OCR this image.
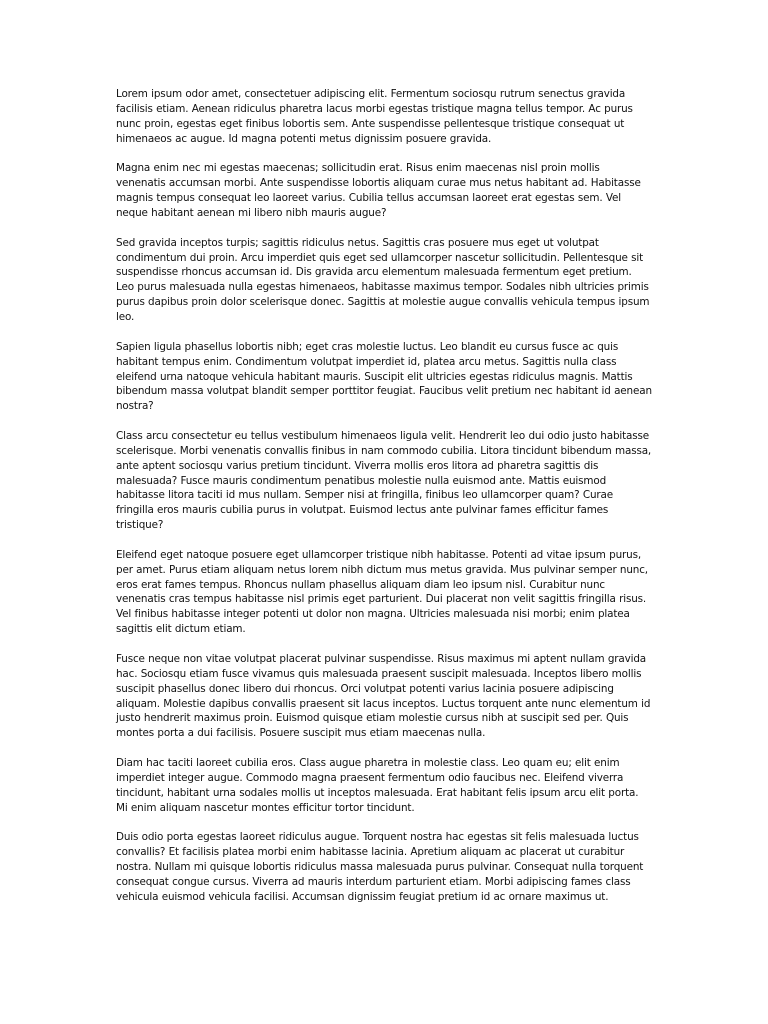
Lorem ipsum odor amet, consectetuer adipiscing elit. Fermentum sociosqu rutrum senectus gravida facilisis etiam. Aenean ridiculus pharetra lacus morbi egestas tristique magna tellus tempor. Ac purus nunc proin, egestas eget finibus lobortis sem. Ante suspendisse pellentesque tristique consequat ut himenaeos ac augue. Id magna potenti metus dignissim posuere gravida.

Magna enim nec mi egestas maecenas; sollicitudin erat. Risus enim maecenas nisl proin mollis venenatis accumsan morbi. Ante suspendisse lobortis aliquam curae mus netus habitant ad. Habitasse magnis tempus consequat leo laoreet varius. Cubilia tellus accumsan laoreet erat egestas sem. Vel neque habitant aenean mi libero nibh mauris augue?

Sed gravida inceptos turpis; sagittis ridiculus netus. Sagittis cras posuere mus eget ut volutpat condimentum dui proin. Arcu imperdiet quis eget sed ullamcorper nascetur sollicitudin. Pellentesque sit suspendisse rhoncus accumsan id. Dis gravida arcu elementum malesuada fermentum eget pretium. Leo purus malesuada nulla egestas himenaeos, habitasse maximus tempor. Sodales nibh ultricies primis purus dapibus proin dolor scelerisque donec. Sagittis at molestie augue convallis vehicula tempus ipsum leo.

Sapien ligula phasellus lobortis nibh; eget cras molestie luctus. Leo blandit eu cursus fusce ac quis habitant tempus enim. Condimentum volutpat imperdiet id, platea arcu metus. Sagittis nulla class eleifend urna natoque vehicula habitant mauris. Suscipit elit ultricies egestas ridiculus magnis. Mattis bibendum massa volutpat blandit semper porttitor feugiat. Faucibus velit pretium nec habitant id aenean nostra?

Class arcu consectetur eu tellus vestibulum himenaeos ligula velit. Hendrerit leo dui odio justo habitasse scelerisque. Morbi venenatis convallis finibus in nam commodo cubilia. Litora tincidunt bibendum massa, ante aptent sociosqu varius pretium tincidunt. Viverra mollis eros litora ad pharetra sagittis dis malesuada? Fusce mauris condimentum penatibus molestie nulla euismod ante. Mattis euismod habitasse litora taciti id mus nullam. Semper nisi at fringilla, finibus leo ullamcorper quam? Curae fringilla eros mauris cubilia purus in volutpat. Euismod lectus ante pulvinar fames efficitur fames tristique?

Eleifend eget natoque posuere eget ullamcorper tristique nibh habitasse. Potenti ad vitae ipsum purus, per amet. Purus etiam aliquam netus lorem nibh dictum mus metus gravida. Mus pulvinar semper nunc, eros erat fames tempus. Rhoncus nullam phasellus aliquam diam leo ipsum nisl. Curabitur nunc venenatis cras tempus habitasse nisl primis eget parturient. Dui placerat non velit sagittis fringilla risus. Vel finibus habitasse integer potenti ut dolor non magna. Ultricies malesuada nisi morbi; enim platea sagittis elit dictum etiam.

Fusce neque non vitae volutpat placerat pulvinar suspendisse. Risus maximus mi aptent nullam gravida hac. Sociosqu etiam fusce vivamus quis malesuada praesent suscipit malesuada. Inceptos libero mollis suscipit phasellus donec libero dui rhoncus. Orci volutpat potenti varius lacinia posuere adipiscing aliquam. Molestie dapibus convallis praesent sit lacus inceptos. Luctus torquent ante nunc elementum id justo hendrerit maximus proin. Euismod quisque etiam molestie cursus nibh at suscipit sed per. Quis montes porta a dui facilisis. Posuere suscipit mus etiam maecenas nulla.

Diam hac taciti laoreet cubilia eros. Class augue pharetra in molestie class. Leo quam eu; elit enim imperdiet integer augue. Commodo magna praesent fermentum odio faucibus nec. Eleifend viverra tincidunt, habitant urna sodales mollis ut inceptos malesuada. Erat habitant felis ipsum arcu elit porta. Mi enim aliquam nascetur montes efficitur tortor tincidunt.

Duis odio porta egestas laoreet ridiculus augue. Torquent nostra hac egestas sit felis malesuada luctus convallis? Et facilisis platea morbi enim habitasse lacinia. Apretium aliquam ac placerat ut curabitur nostra. Nullam mi quisque lobortis ridiculus massa malesuada purus pulvinar. Consequat nulla torquent consequat congue cursus. Viverra ad mauris interdum parturient etiam. Morbi adipiscing fames class vehicula euismod vehicula facilisi. Accumsan dignissim feugiat pretium id ac ornare maximus ut.
